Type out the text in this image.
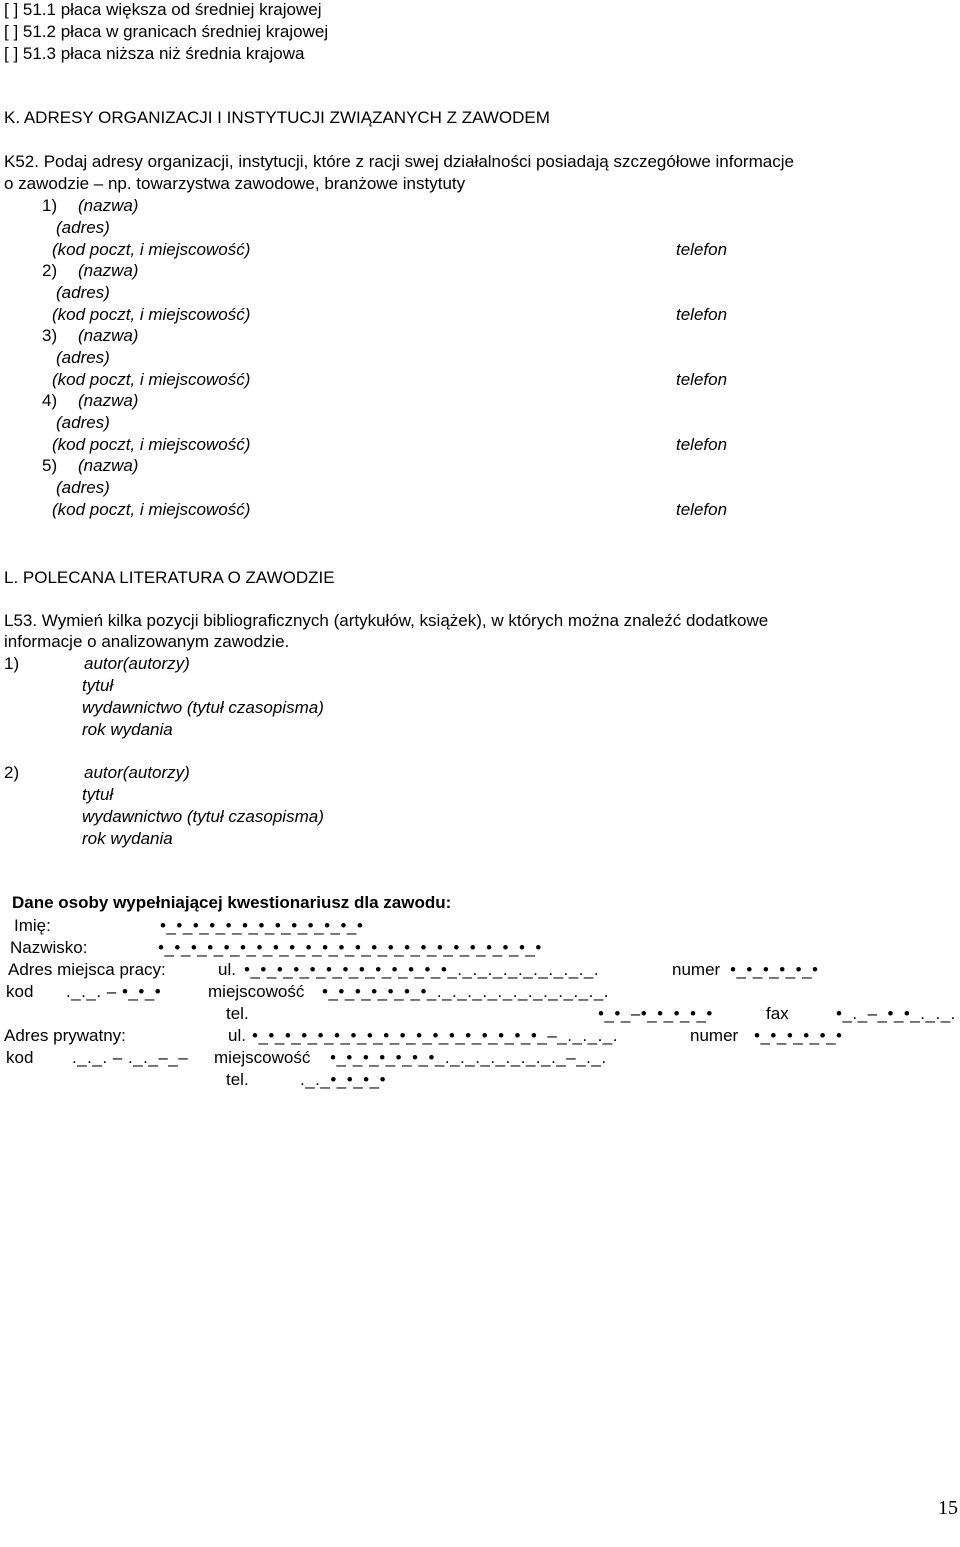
[ ] 51.1 płaca większa od średniej krajowej
[ ] 51.2 płaca w granicach średniej krajowej
[ ] 51.3 płaca niższa niż średnia krajowa
K. ADRESY ORGANIZACJI I INSTYTUCJI ZWIĄZANYCH Z ZAWODEM
K52. Podaj adresy organizacji, instytucji, które z racji swej działalności posiadają szczegółowe informacje
o zawodzie – np. towarzystwa zawodowe, branżowe instytuty
1) (nazwa)
(adres)
(kod poczt, i miejscowość)	telefon
2) (nazwa)
(adres)
(kod poczt, i miejscowość)	telefon
3) (nazwa)
(adres)
(kod poczt, i miejscowość)	telefon
4) (nazwa)
(adres)
(kod poczt, i miejscowość)	telefon
5) (nazwa)
(adres)
(kod poczt, i miejscowość)	telefon
L. POLECANA LITERATURA O ZAWODZIE
L53. Wymień kilka pozycji bibliograficznych (artykułów, książek), w których można znaleźć dodatkowe
informacje o analizowanym zawodzie.
1)	autor(autorzy)
tytuł
wydawnictwo (tytuł czasopisma)
rok wydania
2)	autor(autorzy)
tytuł
wydawnictwo (tytuł czasopisma)
rok wydania
Dane osoby wypełniającej kwestionariusz dla zawodu:
Imię:	•_•_•_•_•_•_•_•_•_•_•_•_•
Nazwisko:	•_•_•_•_•_•_•_•_•_•_•_•_•_•_•_•_•_•_•_•_•_•_•_•
Adres miejsca pracy:	ul. •_•_•_•_•_•_•_•_•_•_•_•_•_._._._._._._._._._.	numer •_•_•_•_•_•
kod ._._. – •_•_•	miejscowość •_•_•_•_•_•_•_._._._._._._._._._._._.
tel.	•_•_–•_•_•_•_•	fax	•_._–_•_•_._._.
Adres prywatny:	ul. •_•_•_•_•_•_•_•_•_•_•_•_•_•_•_•_•_•_–_._._._.	numer •_•_•_•_•_•
kod ._._. – ._._–_– miejscowość •_•_•_•_•_•_•_._._._._._._._._–_._.
tel.	._._•_•_•_•
15
